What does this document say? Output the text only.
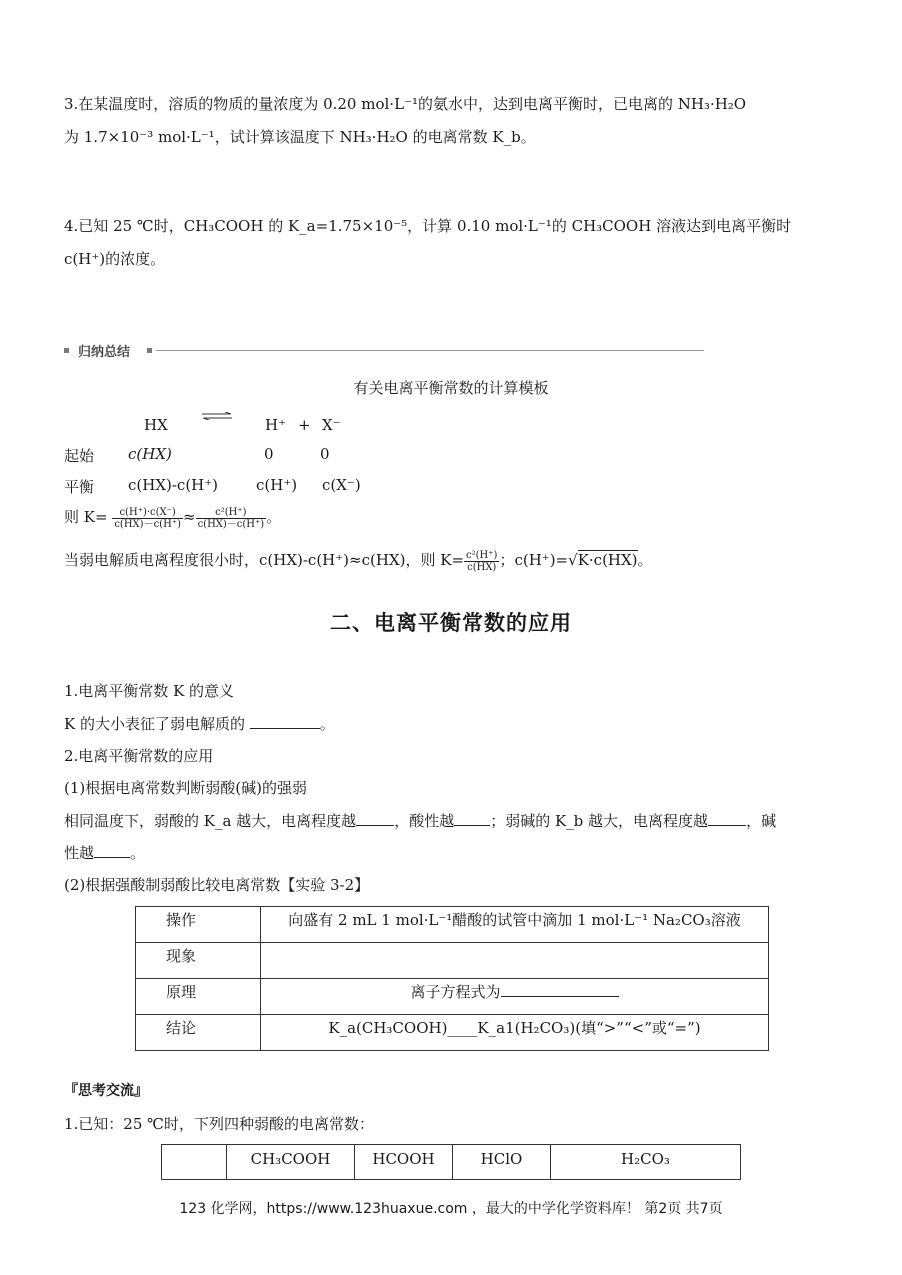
3.在某温度时，溶质的物质的量浓度为 0.20 mol·L⁻¹的氨水中，达到电离平衡时，已电离的 NH₃·H₂O
为 1.7×10⁻³ mol·L⁻¹，试计算该温度下 NH₃·H₂O 的电离常数 K_b。
4.已知 25 ℃时，CH₃COOH 的 K_a=1.75×10⁻⁵，计算 0.10 mol·L⁻¹的 CH₃COOH 溶液达到电离平衡时
c(H⁺)的浓度。
归纳总结
有关电离平衡常数的计算模板
HX	H⁺ + X⁻
起始 c(HX)	0	0
平衡 c(HX)-c(H⁺)	c(H⁺) c(X⁻)
则 $K= \frac{c(H^+)\cdot c(X^-)}{c(HX)-c(H^+)} \approx \frac{\text{c²(H⁺)}}{c(HX)-c(H^+)}$ 。
当弱电解质电离程度很小时，c(HX)-c(H⁺)≈c(HX)，则 $K= \frac{\text{c²(H⁺)}}{c(HX)}$ ；c(H⁺)=√K·c(HX)。
二、电离平衡常数的应用
1.电离平衡常数 K 的意义
K 的大小表征了弱电解质的	。
2.电离平衡常数的应用
(1)根据电离常数判断弱酸(碱)的强弱
相同温度下，弱酸的 K_a 越大，电离程度越	，酸性越 ；弱碱的 K_b 越大，电离程度越	，碱
性越 。
(2)根据强酸制弱酸比较电离常数【实验 3-2】
操作	向盛有 2 mL 1 mol·L⁻¹醋酸的试管中滴加 1 mol·L⁻¹ Na₂CO₃溶液
现象	
原理	离子方程式为
结论	K_a(CH₃COOH)____K_a1(H₂CO₃)(填“>”“<”或“=”)
『思考交流』
1.已知：25 ℃时，下列四种弱酸的电离常数：
	CH₃COOH	HCOOH	HClO	H₂CO₃
123 化学网，https://www.123huaxue.com ，最大的中学化学资料库！ 第2页 共7页
